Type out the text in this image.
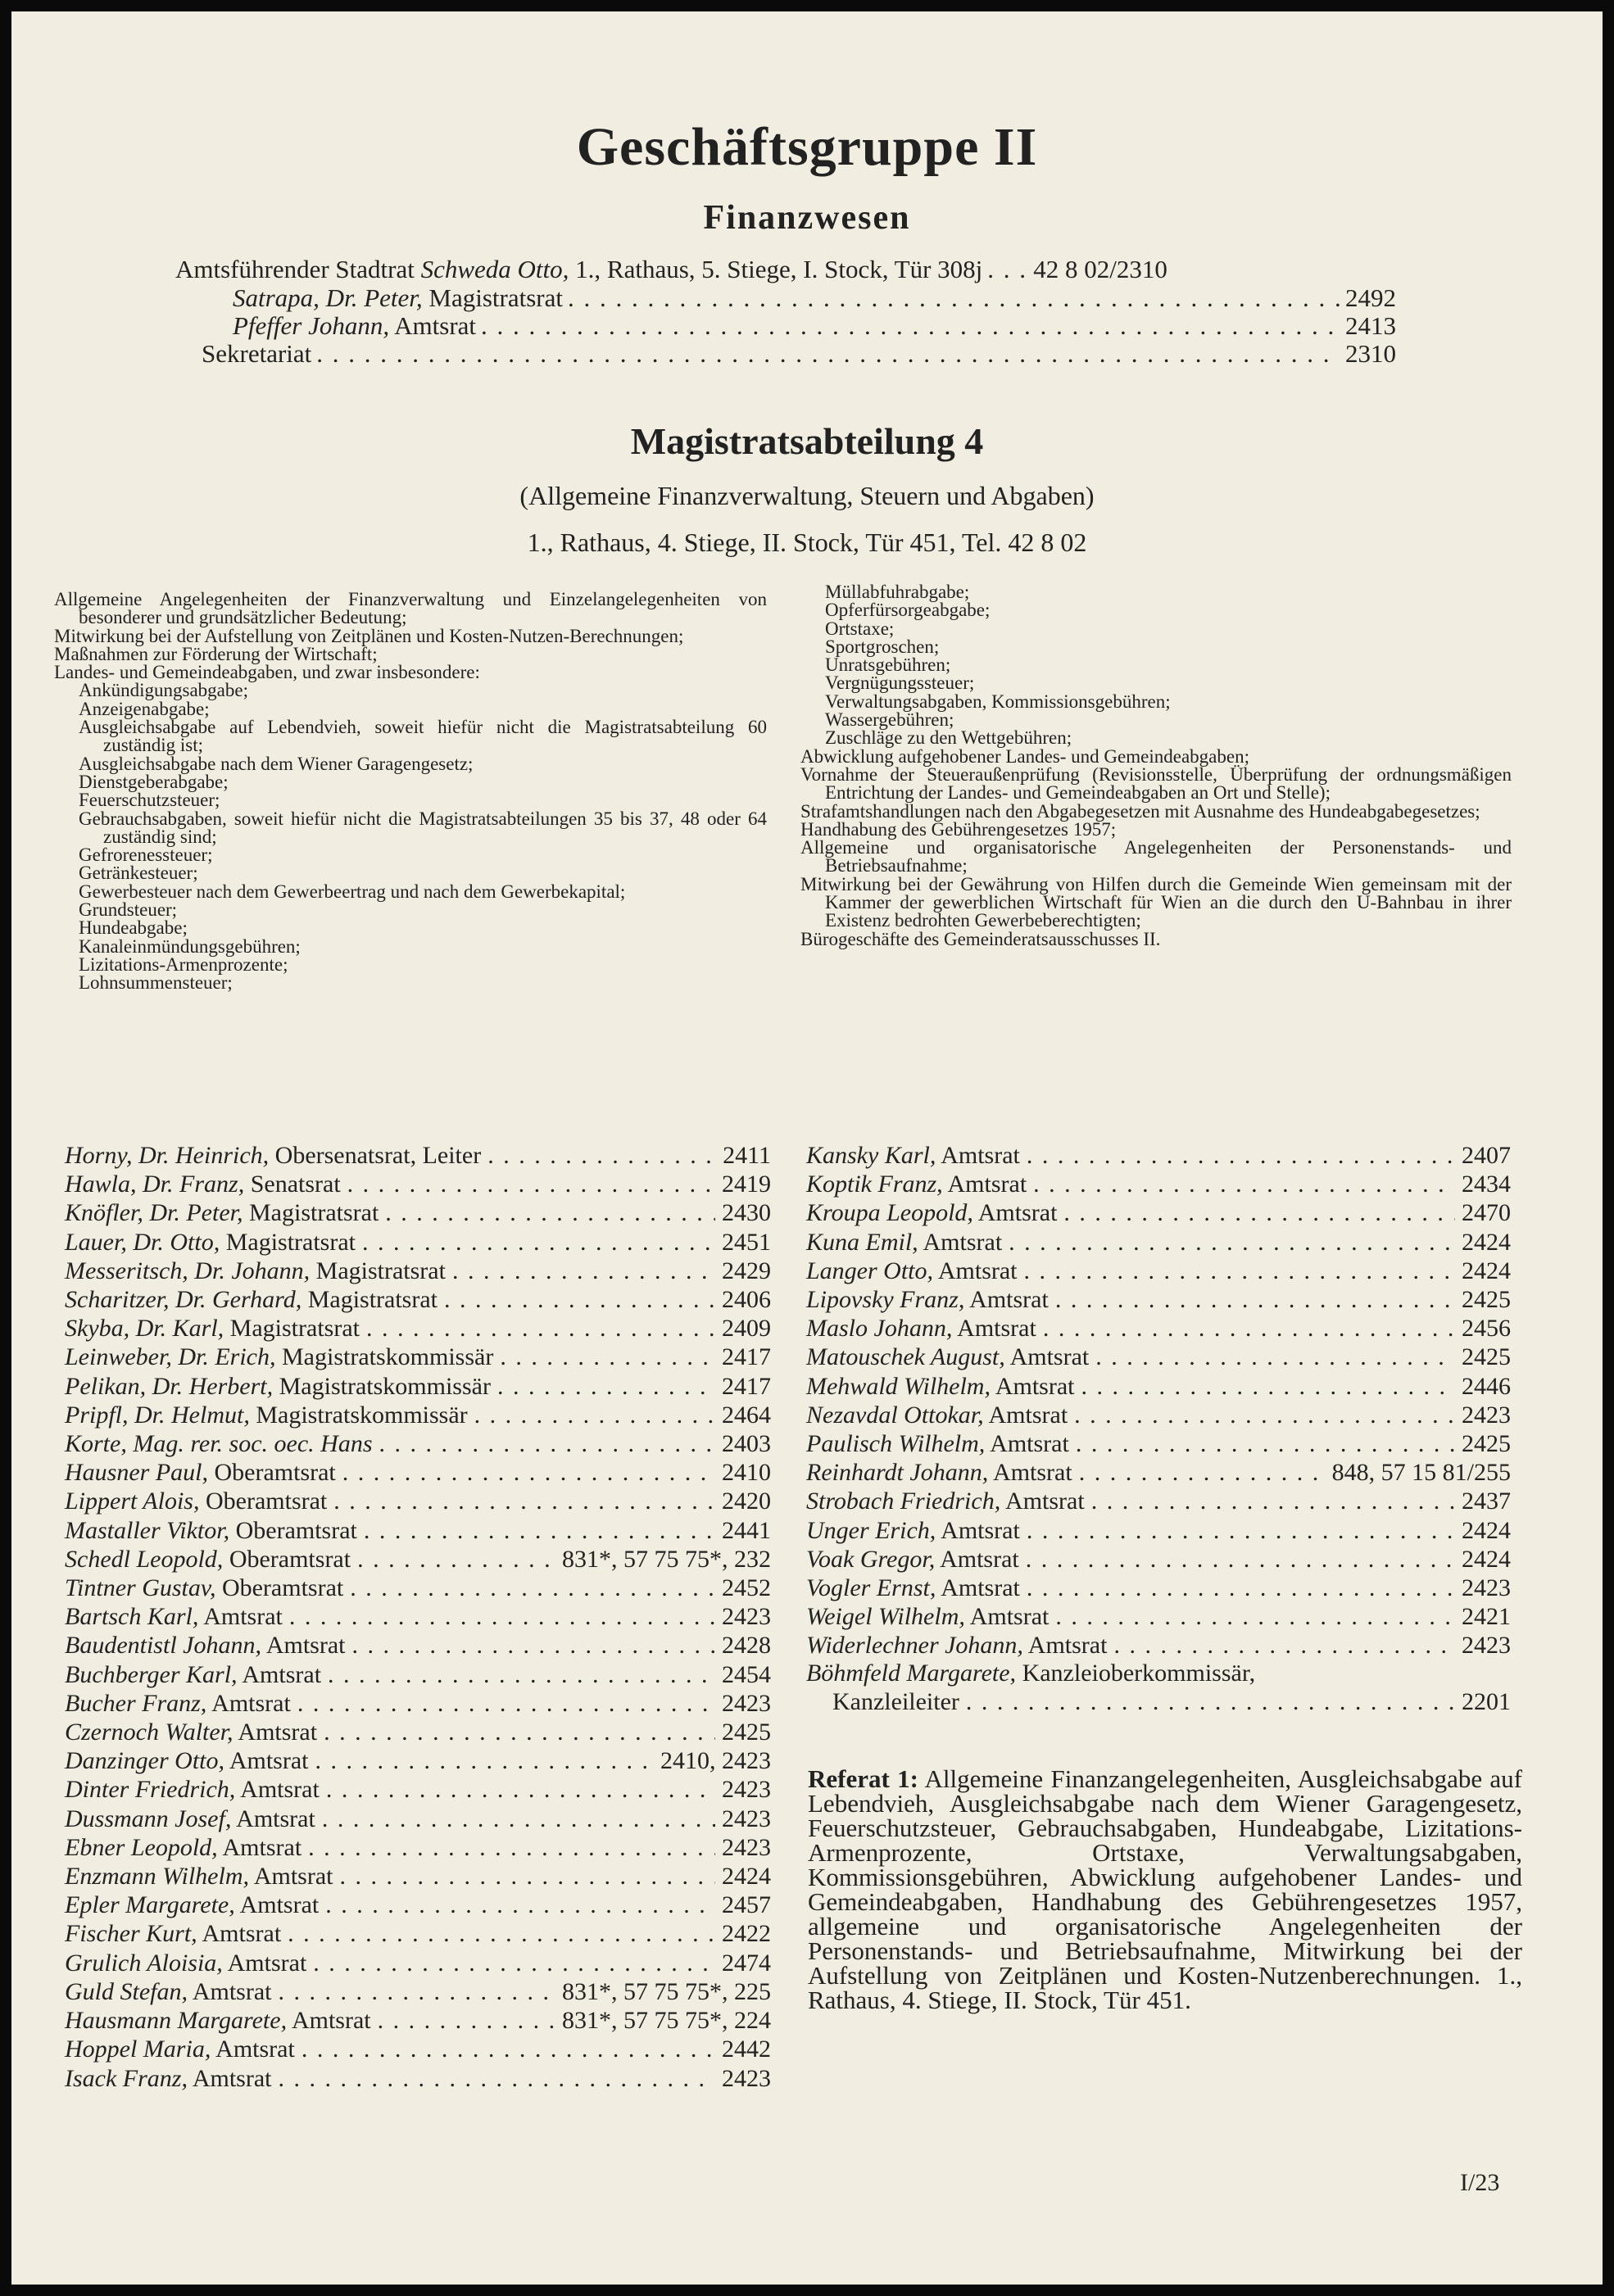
Geschäftsgruppe II
Finanzwesen
Amtsführender Stadtrat Schweda Otto, 1., Rathaus, 5. Stiege, I. Stock, Tür 308j . . . 42 8 02/2310
Satrapa, Dr. Peter, Magistratsrat . . .	2492
Pfeffer Johann, Amtsrat . . .	2413
Sekretariat . . .	2310
Magistratsabteilung 4
(Allgemeine Finanzverwaltung, Steuern und Abgaben)
1., Rathaus, 4. Stiege, II. Stock, Tür 451, Tel. 42 8 02
Allgemeine Angelegenheiten der Finanzverwaltung und Einzelangelegenheiten von besonderer und grundsätzlicher Bedeutung;
Mitwirkung bei der Aufstellung von Zeitplänen und Kosten-Nutzen-Berechnungen;
Maßnahmen zur Förderung der Wirtschaft;
Landes- und Gemeindeabgaben, und zwar insbesondere:
Ankündigungsabgabe;
Anzeigenabgabe;
Ausgleichsabgabe auf Lebendvieh, soweit hiefür nicht die Magistratsabteilung 60 zuständig ist;
Ausgleichsabgabe nach dem Wiener Garagengesetz;
Dienstgeberabgabe;
Feuerschutzsteuer;
Gebrauchsabgaben, soweit hiefür nicht die Magistratsabteilungen 35 bis 37, 48 oder 64 zuständig sind;
Gefrorenessteuer;
Getränkesteuer;
Gewerbesteuer nach dem Gewerbeertrag und nach dem Gewerbekapital;
Grundsteuer;
Hundeabgabe;
Kanaleinmündungsgebühren;
Lizitations-Armenprozente;
Lohnsummensteuer;
Müllabfuhrabgabe;
Opferfürsorgeabgabe;
Ortstaxe;
Sportgroschen;
Unratsgebühren;
Vergnügungssteuer;
Verwaltungsabgaben, Kommissionsgebühren;
Wassergebühren;
Zuschläge zu den Wettgebühren;
Abwicklung aufgehobener Landes- und Gemeindeabgaben;
Vornahme der Steueraußenprüfung (Revisionsstelle, Überprüfung der ordnungsmäßigen Entrichtung der Landes- und Gemeindeabgaben an Ort und Stelle);
Strafamtshandlungen nach den Abgabegesetzen mit Ausnahme des Hundeabgabegesetzes;
Handhabung des Gebührengesetzes 1957;
Allgemeine und organisatorische Angelegenheiten der Personenstands- und Betriebsaufnahme;
Mitwirkung bei der Gewährung von Hilfen durch die Gemeinde Wien gemeinsam mit der Kammer der gewerblichen Wirtschaft für Wien an die durch den U-Bahnbau in ihrer Existenz bedrohten Gewerbeberechtigten;
Bürogeschäfte des Gemeinderatsausschusses II.
Horny, Dr. Heinrich, Obersenatsrat, Leiter . . .	2411
Hawla, Dr. Franz, Senatsrat . . .	2419
Knöfler, Dr. Peter, Magistratsrat . . .	2430
Lauer, Dr. Otto, Magistratsrat . . .	2451
Messeritsch, Dr. Johann, Magistratsrat . . .	2429
Scharitzer, Dr. Gerhard, Magistratsrat . . .	2406
Skyba, Dr. Karl, Magistratsrat . . .	2409
Leinweber, Dr. Erich, Magistratskommissär . . .	2417
Pelikan, Dr. Herbert, Magistratskommissär . . .	2417
Pripfl, Dr. Helmut, Magistratskommissär . . .	2464
Korte, Mag. rer. soc. oec. Hans . . .	2403
Hausner Paul, Oberamtsrat . . .	2410
Lippert Alois, Oberamtsrat . . .	2420
Mastaller Viktor, Oberamtsrat . . .	2441
Schedl Leopold, Oberamtsrat . . .	831*, 57 75 75*, 232
Tintner Gustav, Oberamtsrat . . .	2452
Bartsch Karl, Amtsrat . . .	2423
Baudentistl Johann, Amtsrat . . .	2428
Buchberger Karl, Amtsrat . . .	2454
Bucher Franz, Amtsrat . . .	2423
Czernoch Walter, Amtsrat . . .	2425
Danzinger Otto, Amtsrat . . .	2410, 2423
Dinter Friedrich, Amtsrat . . .	2423
Dussmann Josef, Amtsrat . . .	2423
Ebner Leopold, Amtsrat . . .	2423
Enzmann Wilhelm, Amtsrat . . .	2424
Epler Margarete, Amtsrat . . .	2457
Fischer Kurt, Amtsrat . . .	2422
Grulich Aloisia, Amtsrat . . .	2474
Guld Stefan, Amtsrat . . .	831*, 57 75 75*, 225
Hausmann Margarete, Amtsrat . . .	831*, 57 75 75*, 224
Hoppel Maria, Amtsrat . . .	2442
Isack Franz, Amtsrat . . .	2423
Kansky Karl, Amtsrat . . .	2407
Koptik Franz, Amtsrat . . .	2434
Kroupa Leopold, Amtsrat . . .	2470
Kuna Emil, Amtsrat . . .	2424
Langer Otto, Amtsrat . . .	2424
Lipovsky Franz, Amtsrat . . .	2425
Maslo Johann, Amtsrat . . .	2456
Matouschek August, Amtsrat . . .	2425
Mehwald Wilhelm, Amtsrat . . .	2446
Nezavdal Ottokar, Amtsrat . . .	2423
Paulisch Wilhelm, Amtsrat . . .	2425
Reinhardt Johann, Amtsrat . . .	848, 57 15 81/255
Strobach Friedrich, Amtsrat . . .	2437
Unger Erich, Amtsrat . . .	2424
Voak Gregor, Amtsrat . . .	2424
Vogler Ernst, Amtsrat . . .	2423
Weigel Wilhelm, Amtsrat . . .	2421
Widerlechner Johann, Amtsrat . . .	2423
Böhmfeld Margarete, Kanzleioberkommissär,
Kanzleileiter . . .	2201
Referat 1: Allgemeine Finanzangelegenheiten, Ausgleichsabgabe auf Lebendvieh, Ausgleichsabgabe nach dem Wiener Garagengesetz, Feuerschutzsteuer, Gebrauchsabgaben, Hundeabgabe, Lizitations-Armenprozente, Ortstaxe, Verwaltungsabgaben, Kommissionsgebühren, Abwicklung aufgehobener Landes- und Gemeindeabgaben, Handhabung des Gebührengesetzes 1957, allgemeine und organisatorische Angelegenheiten der Personenstands- und Betriebsaufnahme, Mitwirkung bei der Aufstellung von Zeitplänen und Kosten-Nutzenberechnungen. 1., Rathaus, 4. Stiege, II. Stock, Tür 451.
I/23
